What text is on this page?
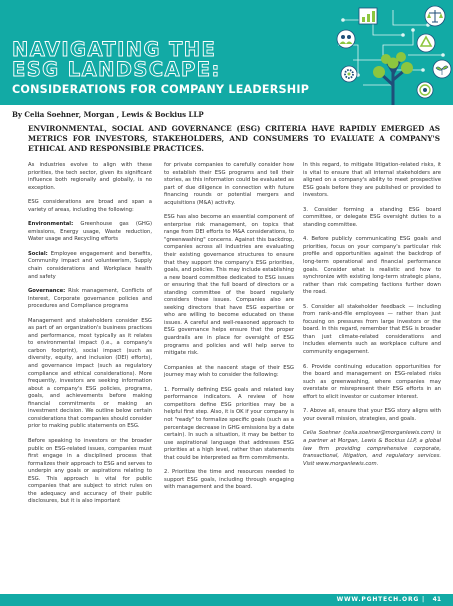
NAVIGATING THE
ESG LANDSCAPE:
CONSIDERATIONS FOR COMPANY LEADERSHIP

By Celia Soehner, Morgan , Lewis & Bockius LLP

ENVIRONMENTAL, SOCIAL AND GOVERNANCE (ESG) CRITERIA HAVE RAPIDLY EMERGED AS METRICS FOR INVESTORS, STAKEHOLDERS, AND CONSUMERS TO EVALUATE A COMPANY'S ETHICAL AND RESPONSIBLE PRACTICES.

As industries evolve to align with these priorities, the tech sector, given its significant influence both regionally and globally, is no exception.

ESG considerations are broad and span a variety of areas, including the following:

Environmental: Greenhouse gas (GHG) emissions, Energy usage, Waste reduction, Water usage and Recycling efforts

Social: Employee engagement and benefits, Community impact and volunteerism, Supply chain considerations and Workplace health and safety

Governance: Risk management, Conflicts of Interest, Corporate governance policies and procedures and Compliance programs

Management and stakeholders consider ESG as part of an organization's business practices and performance, most typically as it relates to environmental impact (i.e., a company's carbon footprint), social impact (such as diversity, equity, and inclusion (DEI) efforts), and governance impact (such as regulatory compliance and ethical considerations). More frequently, investors are seeking information about a company's ESG policies, programs, goals, and achievements before making financial commitments or making an investment decision. We outline below certain considerations that companies should consider prior to making public statements on ESG.

Before speaking to investors or the broader public on ESG-related issues, companies must first engage in a disciplined process that formalizes their approach to ESG and serves to underpin any goals or aspirations relating to ESG. This approach is vital for public companies that are subject to strict rules on the adequacy and accuracy of their public disclosures, but it is also important

for private companies to carefully consider how to establish their ESG programs and tell their stories, as this information could be evaluated as part of due diligence in connection with future financing rounds or potential mergers and acquisitions (M&A) activity.

ESG has also become an essential component of enterprise risk management, on topics that range from DEI efforts to M&A considerations, to "greenwashing" concerns. Against this backdrop, companies across all industries are evaluating their existing governance structures to ensure that they support the company's ESG priorities, goals, and policies. This may include establishing a new board committee dedicated to ESG issues or ensuring that the full board of directors or a standing committee of the board regularly considers these issues. Companies also are seeking directors that have ESG expertise or who are willing to become educated on these issues. A careful and well-reasoned approach to ESG governance helps ensure that the proper guardrails are in place for oversight of ESG programs and policies and will help serve to mitigate risk.

Companies at the nascent stage of their ESG journey may wish to consider the following:

1. Formally defining ESG goals and related key performance indicators. A review of how competitors define ESG priorities may be a helpful first step. Also, it is OK if your company is not "ready" to formalize specific goals (such as a percentage decrease in GHG emissions by a date certain). In such a situation, it may be better to use aspirational language that addresses ESG priorities at a high level, rather than statements that could be interpreted as firm commitments.

2. Prioritize the time and resources needed to support ESG goals, including through engaging with management and the board.

In this regard, to mitigate litigation-related risks, it is vital to ensure that all internal stakeholders are aligned on a company's ability to meet prospective ESG goals before they are published or provided to investors.

3. Consider forming a standing ESG board committee, or delegate ESG oversight duties to a standing committee.

4. Before publicly communicating ESG goals and priorities, focus on your company's particular risk profile and opportunities against the backdrop of long-term operational and financial performance goals. Consider what is realistic and how to synchronize with existing long-term strategic plans, rather than risk competing factions further down the road.

5. Consider all stakeholder feedback — including from rank-and-file employees — rather than just focusing on pressures from large investors or the board. In this regard, remember that ESG is broader than just climate-related considerations and includes elements such as workplace culture and community engagement.

6. Provide continuing education opportunities for the board and management on ESG-related risks such as greenwashing, where companies may overstate or misrepresent their ESG efforts in an effort to elicit investor or customer interest.

7. Above all, ensure that your ESG story aligns with your overall mission, strategies, and goals.

Celia Soehner (celia.soehner@morganlewis.com) is a partner at Morgan, Lewis & Bockius LLP, a global law firm providing comprehensive corporate, transactional, litigation, and regulatory services. Visit www.morganlewis.com.

WWW.PGHTECH.ORG | 41
